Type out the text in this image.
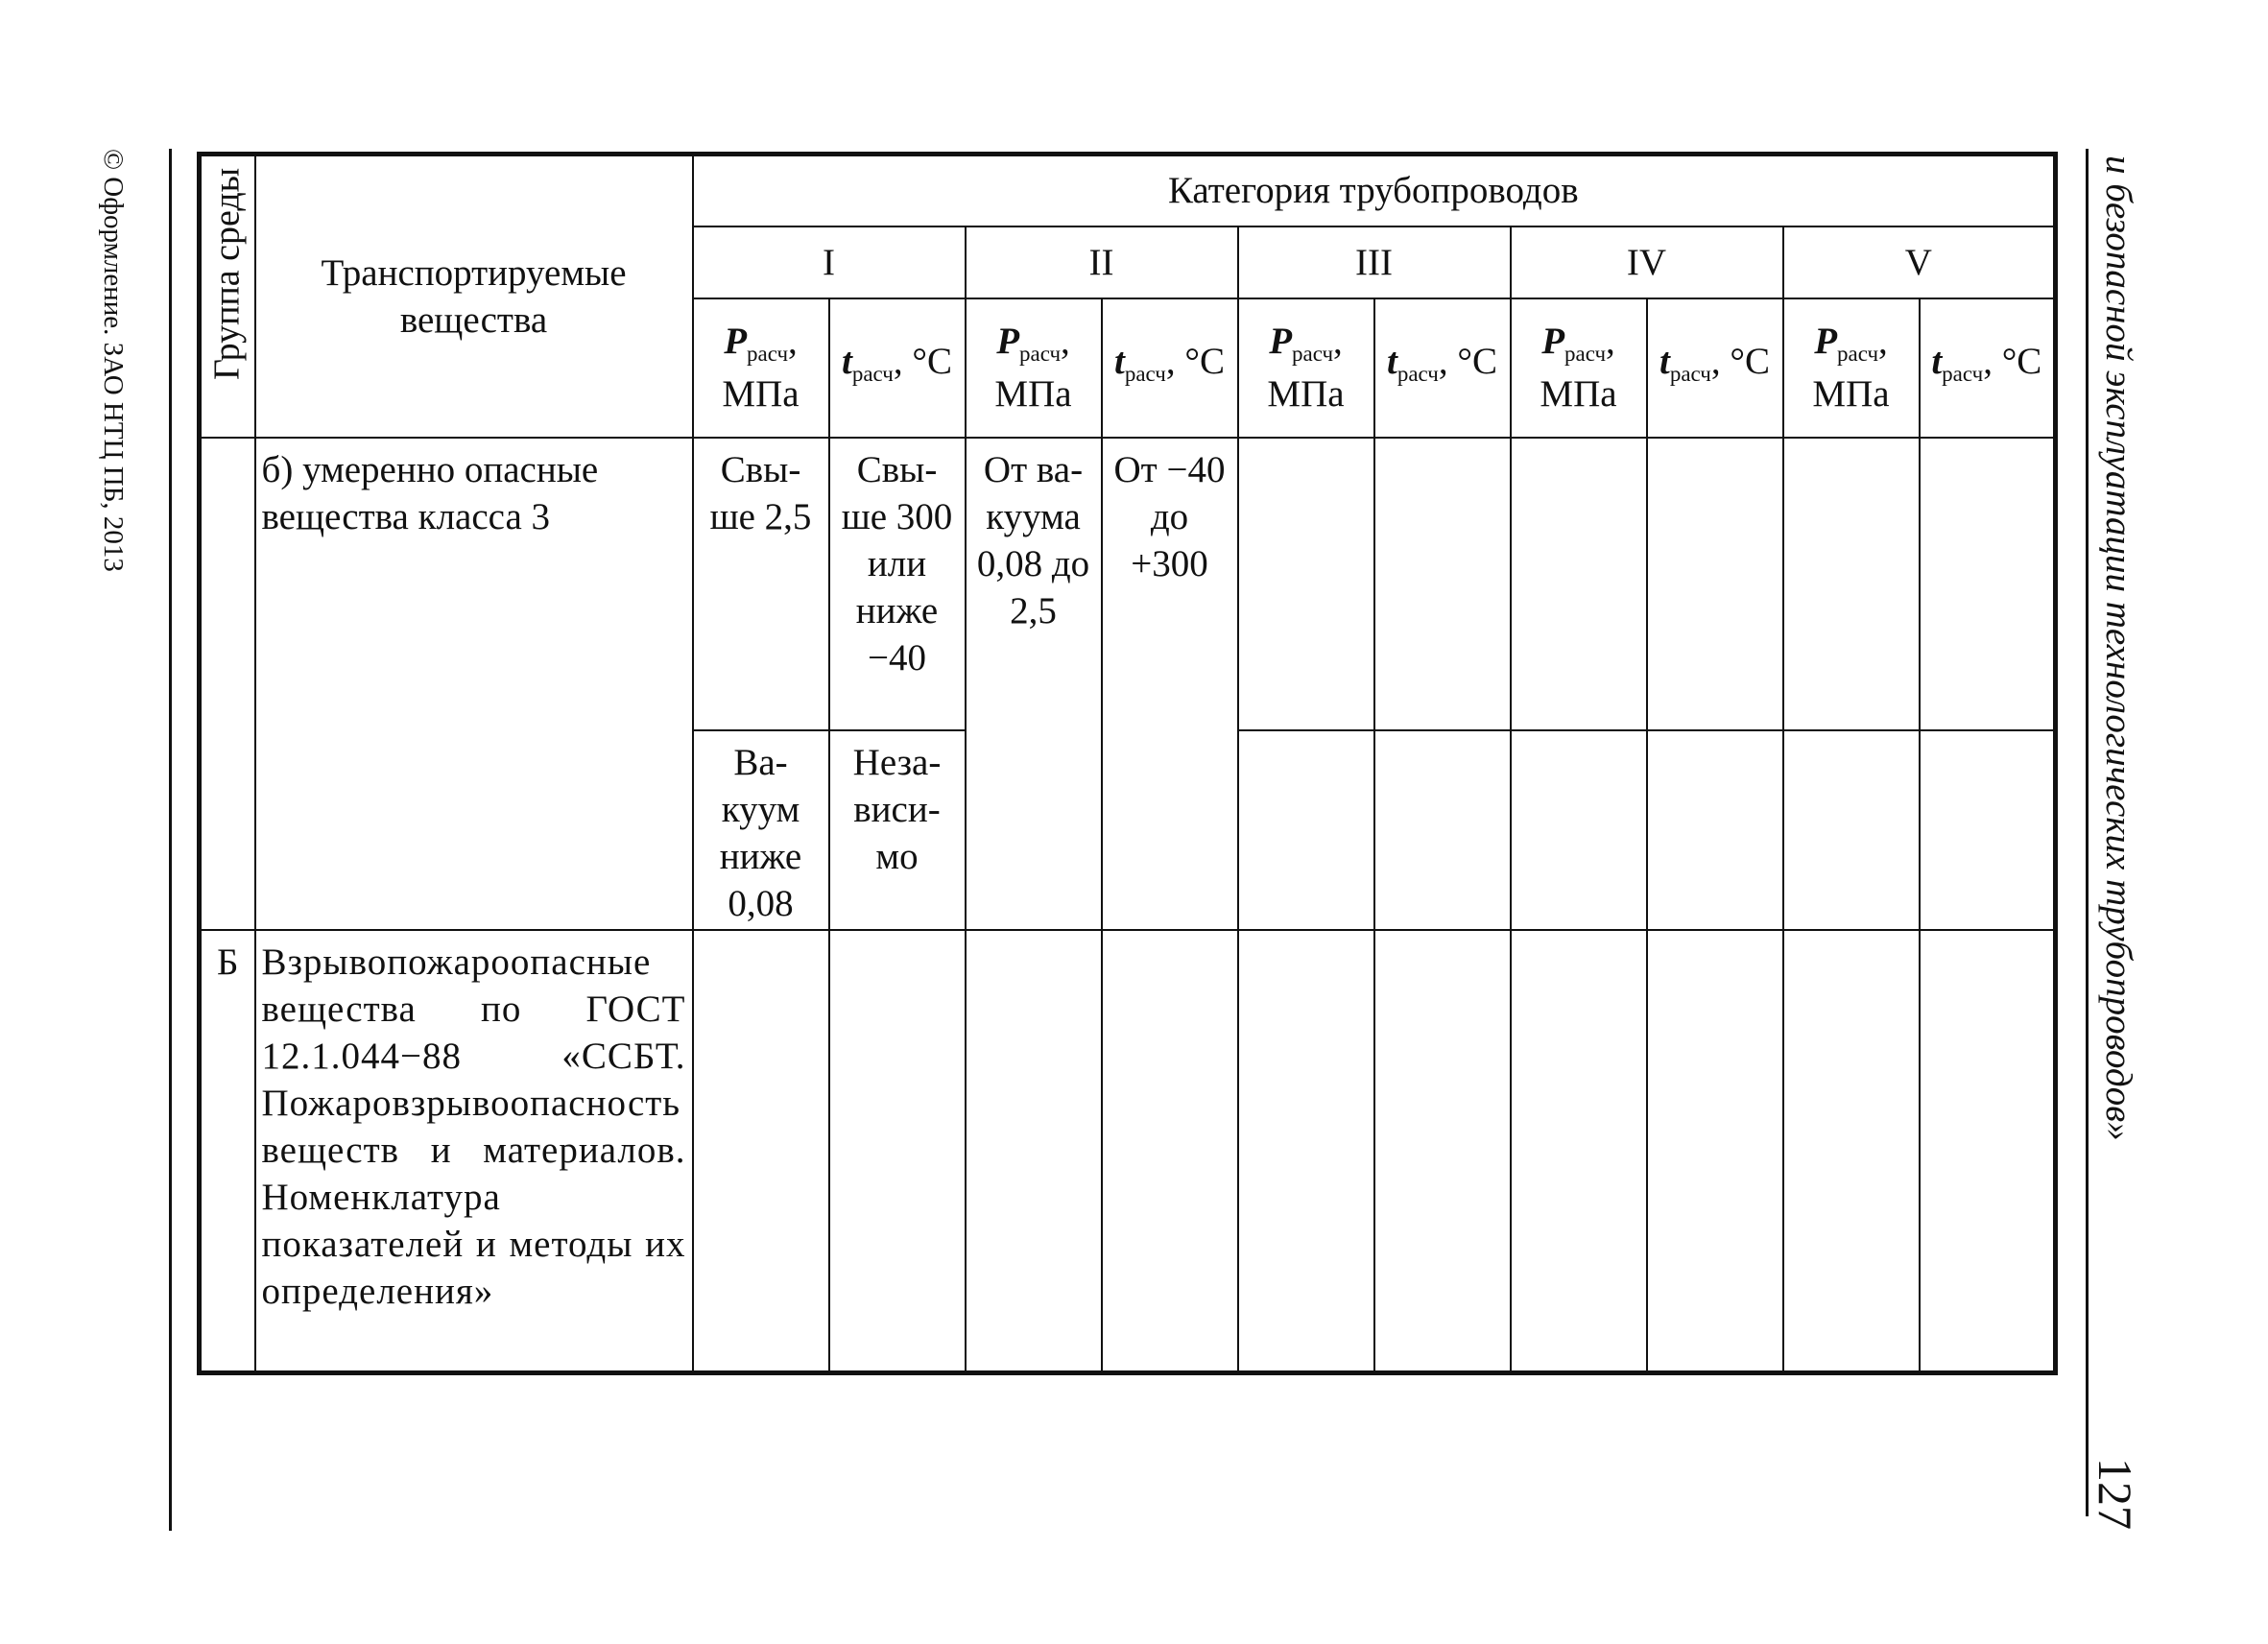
© Оформление. ЗАО НТЦ ПБ, 2013	и безопасной эксплуатации технологических трубопроводов»
127
Группа среды	Транспортируемые вещества	Категория трубопроводов									
		I		II		III		IV		V	
		$P_{расч}$, МПа	$t_{расч}$, °С	$P_{расч}$, МПа	$t_{расч}$, °С	$P_{расч}$, МПа	$t_{расч}$, °С	$P_{расч}$, МПа	$t_{расч}$, °С	$P_{расч}$, МПа	$t_{расч}$, °С
	б) умеренно опасные вещества класса 3	Свы- ше 2,5	Свы- ше 300 или ниже −40	От ва- куума 0,08 до 2,5	От −40 до +300						
		Ва- куум ниже 0,08	Неза- виси- мо								
Б	Взрывопожароопасные вещества по ГОСТ 12.1.044−88 «ССБТ. Пожаровзрывоопасность веществ и материалов. Номенклатура показателей и методы их определения»										
